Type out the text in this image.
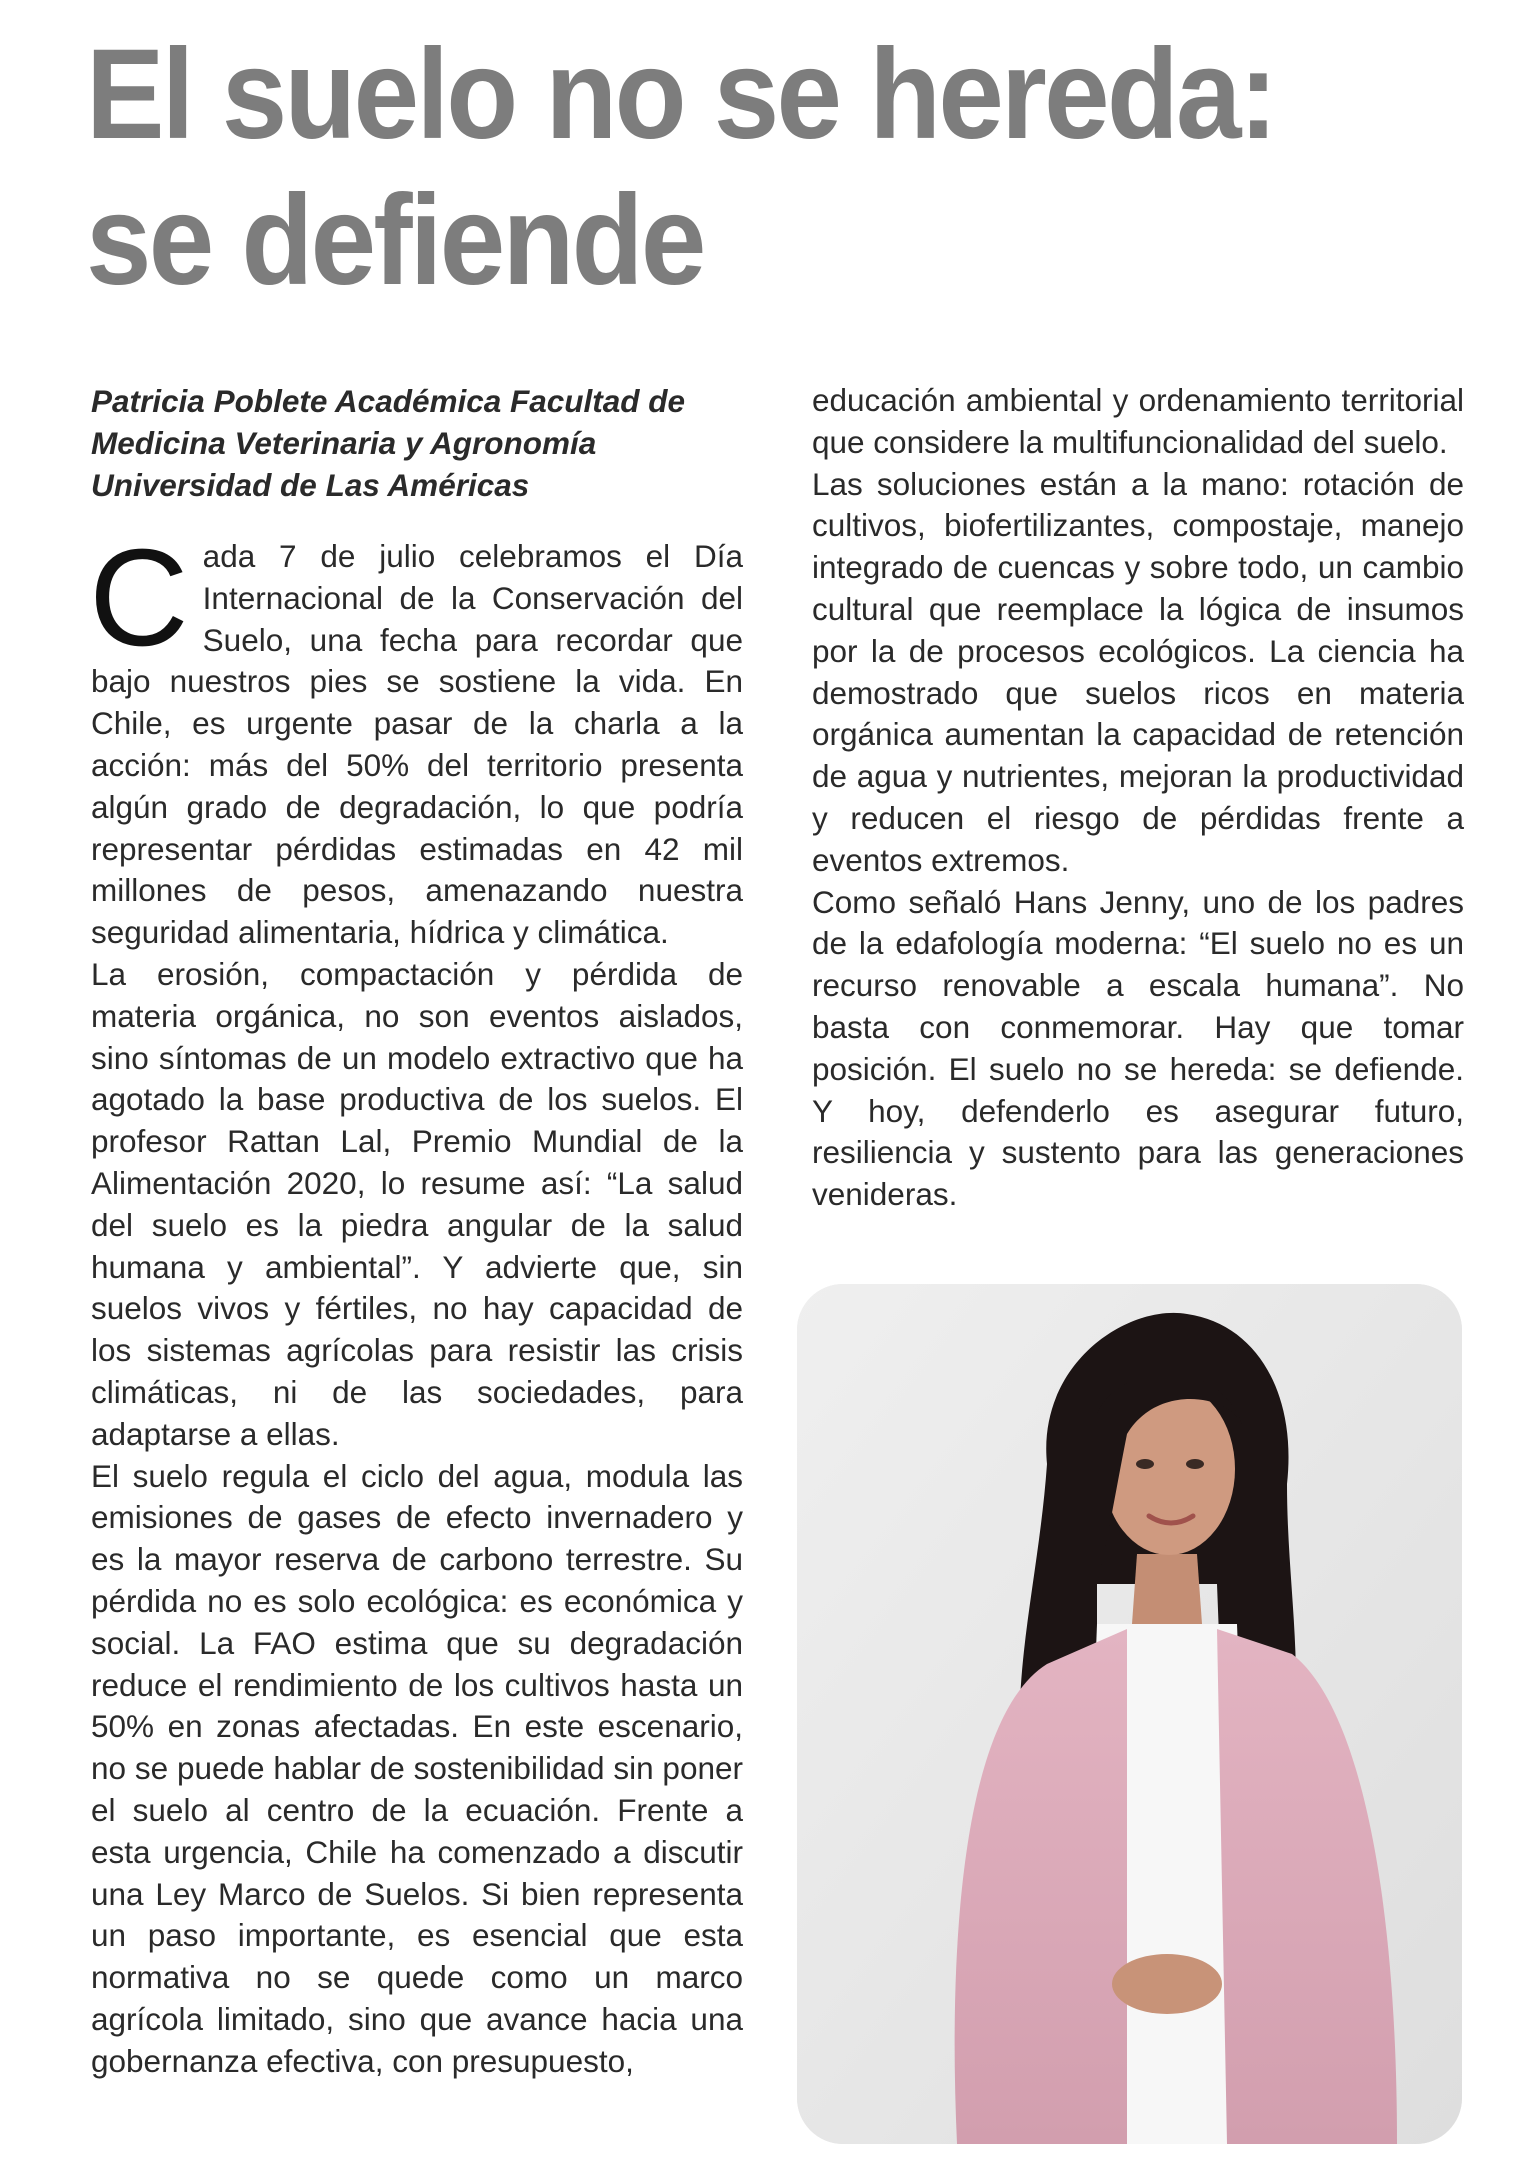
El suelo no se hereda:
se defiende
Patricia Poblete Académica Facultad de
Medicina Veterinaria y Agronomía
Universidad de Las Américas

Cada 7 de julio celebramos el Día Internacional de la Conservación del Suelo, una fecha para recordar que bajo nuestros pies se sostiene la vida. En Chile, es urgente pasar de la charla a la acción: más del 50% del territorio presenta algún grado de degradación, lo que podría representar pérdidas estimadas en 42 mil millones de pesos, amenazando nuestra seguridad alimentaria, hídrica y climática.

La erosión, compactación y pérdida de materia orgánica, no son eventos aislados, sino síntomas de un modelo extractivo que ha agotado la base productiva de los suelos. El profesor Rattan Lal, Premio Mundial de la Alimentación 2020, lo resume así: “La salud del suelo es la piedra angular de la salud humana y ambiental”. Y advierte que, sin suelos vivos y fértiles, no hay capacidad de los sistemas agrícolas para resistir las crisis climáticas, ni de las sociedades, para adaptarse a ellas.

El suelo regula el ciclo del agua, modula las emisiones de gases de efecto invernadero y es la mayor reserva de carbono terrestre. Su pérdida no es solo ecológica: es económica y social. La FAO estima que su degradación reduce el rendimiento de los cultivos hasta un 50% en zonas afectadas. En este escenario, no se puede hablar de sostenibilidad sin poner el suelo al centro de la ecuación. Frente a esta urgencia, Chile ha comenzado a discutir una Ley Marco de Suelos. Si bien representa un paso importante, es esencial que esta normativa no se quede como un marco agrícola limitado, sino que avance hacia una gobernanza efectiva, con presupuesto,

educación ambiental y ordenamiento territorial que considere la multifuncionalidad del suelo.

Las soluciones están a la mano: rotación de cultivos, biofertilizantes, compostaje, manejo integrado de cuencas y sobre todo, un cambio cultural que reemplace la lógica de insumos por la de procesos ecológicos. La ciencia ha demostrado que suelos ricos en materia orgánica aumentan la capacidad de retención de agua y nutrientes, mejoran la productividad y reducen el riesgo de pérdidas frente a eventos extremos.

Como señaló Hans Jenny, uno de los padres de la edafología moderna: “El suelo no es un recurso renovable a escala humana”. No basta con conmemorar. Hay que tomar posición. El suelo no se hereda: se defiende. Y hoy, defenderlo es asegurar futuro, resiliencia y sustento para las generaciones venideras.
